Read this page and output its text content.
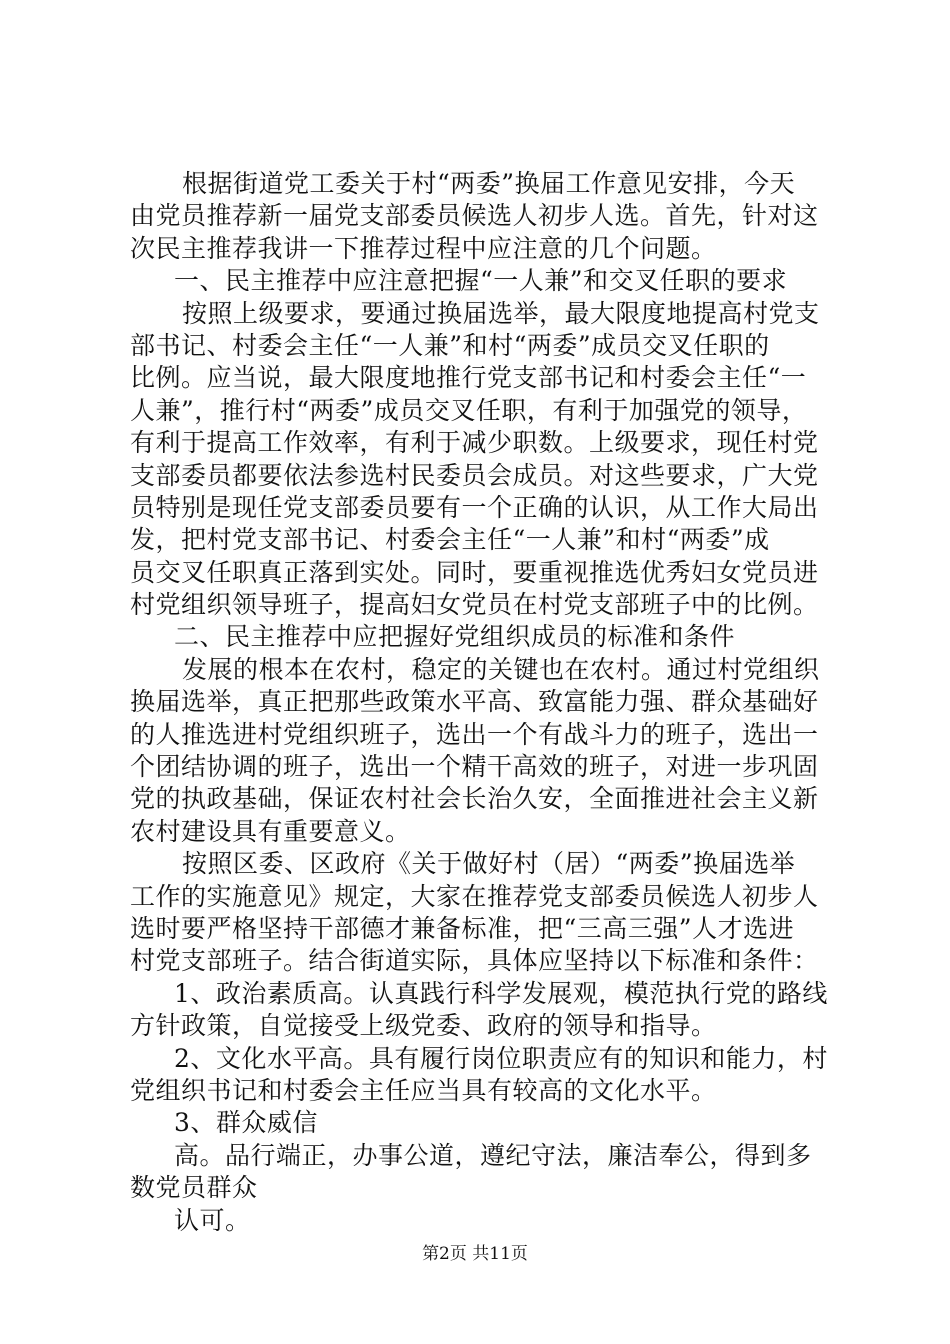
根据街道党工委关于村“两委”换届工作意见安排，今天
由党员推荐新一届党支部委员候选人初步人选。首先，针对这
次民主推荐我讲一下推荐过程中应注意的几个问题。
一、民主推荐中应注意把握“一人兼”和交叉任职的要求
按照上级要求，要通过换届选举，最大限度地提高村党支
部书记、村委会主任“一人兼”和村“两委”成员交叉任职的
比例。应当说，最大限度地推行党支部书记和村委会主任“一
人兼”，推行村“两委”成员交叉任职，有利于加强党的领导，
有利于提高工作效率，有利于减少职数。上级要求，现任村党
支部委员都要依法参选村民委员会成员。对这些要求，广大党
员特别是现任党支部委员要有一个正确的认识，从工作大局出
发，把村党支部书记、村委会主任“一人兼”和村“两委”成
员交叉任职真正落到实处。同时，要重视推选优秀妇女党员进
村党组织领导班子，提高妇女党员在村党支部班子中的比例。
二、民主推荐中应把握好党组织成员的标准和条件
发展的根本在农村，稳定的关键也在农村。通过村党组织
换届选举，真正把那些政策水平高、致富能力强、群众基础好
的人推选进村党组织班子，选出一个有战斗力的班子，选出一
个团结协调的班子，选出一个精干高效的班子，对进一步巩固
党的执政基础，保证农村社会长治久安，全面推进社会主义新
农村建设具有重要意义。
按照区委、区政府《关于做好村（居）“两委”换届选举
工作的实施意见》规定，大家在推荐党支部委员候选人初步人
选时要严格坚持干部德才兼备标准，把“三高三强”人才选进
村党支部班子。结合街道实际，具体应坚持以下标准和条件：
1、政治素质高。认真践行科学发展观，模范执行党的路线
方针政策，自觉接受上级党委、政府的领导和指导。
2、文化水平高。具有履行岗位职责应有的知识和能力，村
党组织书记和村委会主任应当具有较高的文化水平。
3、群众威信
高。品行端正，办事公道，遵纪守法，廉洁奉公，得到多
数党员群众
认可。
第2页 共11页
